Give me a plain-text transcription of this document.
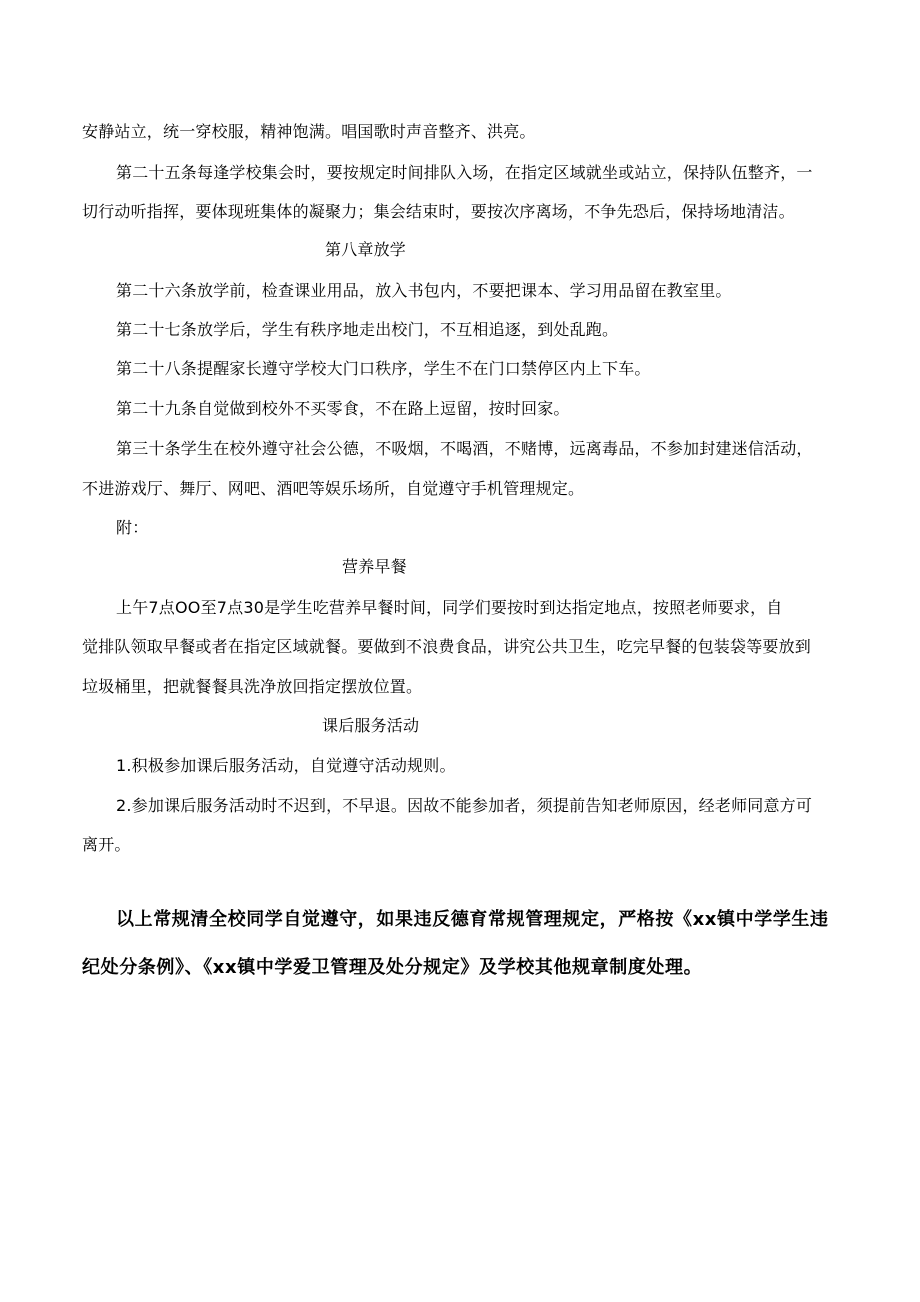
安静站立，统一穿校服，精神饱满。唱国歌时声音整齐、洪亮。

第二十五条每逢学校集会时，要按规定时间排队入场，在指定区域就坐或站立，保持队伍整齐，一

切行动听指挥，要体现班集体的凝聚力；集会结束时，要按次序离场，不争先恐后，保持场地清洁。

第八章放学

第二十六条放学前，检查课业用品，放入书包内，不要把课本、学习用品留在教室里。

第二十七条放学后，学生有秩序地走出校门，不互相追逐，到处乱跑。

第二十八条提醒家长遵守学校大门口秩序，学生不在门口禁停区内上下车。

第二十九条自觉做到校外不买零食，不在路上逗留，按时回家。

第三十条学生在校外遵守社会公德，不吸烟，不喝酒，不赌博，远离毒品，不参加封建迷信活动，

不进游戏厅、舞厅、网吧、酒吧等娱乐场所，自觉遵守手机管理规定。

附：

营养早餐

上午7点OO至7点30是学生吃营养早餐时间，同学们要按时到达指定地点，按照老师要求，自

觉排队领取早餐或者在指定区域就餐。要做到不浪费食品，讲究公共卫生，吃完早餐的包装袋等要放到

垃圾桶里，把就餐餐具洗净放回指定摆放位置。

课后服务活动

1.积极参加课后服务活动，自觉遵守活动规则。

2.参加课后服务活动时不迟到，不早退。因故不能参加者，须提前告知老师原因，经老师同意方可

离开。

以上常规清全校同学自觉遵守，如果违反德育常规管理规定，严格按《xx镇中学学生违

纪处分条例》、《xx镇中学爱卫管理及处分规定》及学校其他规章制度处理。
